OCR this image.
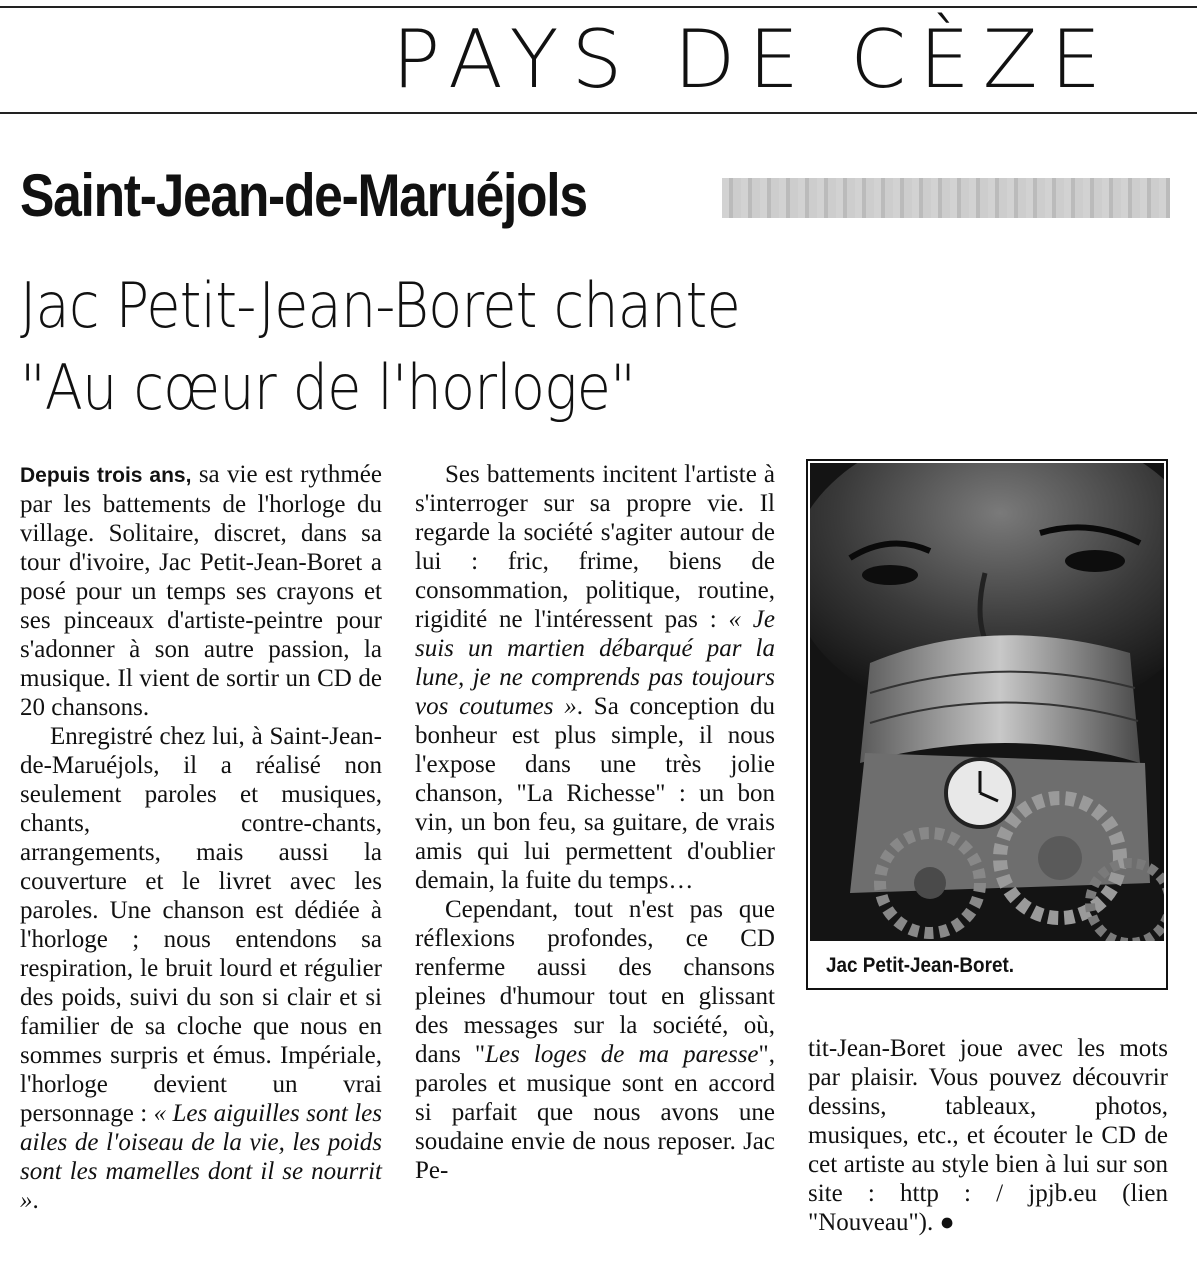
PAYS DE CÈZE
Saint-Jean-de-Maruéjols
Jac Petit-Jean-Boret chante
"Au cœur de l'horloge"

Depuis trois ans, sa vie est rythmée par les battements de l'horloge du village. Solitaire, discret, dans sa tour d'ivoire, Jac Petit-Jean-Boret a posé pour un temps ses crayons et ses pinceaux d'artiste-peintre pour s'adonner à son autre passion, la musique. Il vient de sortir un CD de 20 chansons.

Enregistré chez lui, à Saint-Jean-de-Maruéjols, il a réalisé non seulement paroles et musiques, chants, contre-chants, arrangements, mais aussi la couverture et le livret avec les paroles. Une chanson est dédiée à l'horloge ; nous entendons sa respiration, le bruit lourd et régulier des poids, suivi du son si clair et si familier de sa cloche que nous en sommes surpris et émus. Impériale, l'horloge devient un vrai personnage : « Les aiguilles sont les ailes de l'oiseau de la vie, les poids sont les mamelles dont il se nourrit ».

Ses battements incitent l'artiste à s'interroger sur sa propre vie. Il regarde la société s'agiter autour de lui : fric, frime, biens de consommation, politique, routine, rigidité ne l'intéressent pas : « Je suis un martien débarqué par la lune, je ne comprends pas toujours vos coutumes ». Sa conception du bonheur est plus simple, il nous l'expose dans une très jolie chanson, "La Richesse" : un bon vin, un bon feu, sa guitare, de vrais amis qui lui permettent d'oublier demain, la fuite du temps…

Cependant, tout n'est pas que réflexions profondes, ce CD renferme aussi des chansons pleines d'humour tout en glissant des messages sur la société, où, dans "Les loges de ma paresse", paroles et musique sont en accord si parfait que nous avons une soudaine envie de nous reposer. Jac Pe-

Jac Petit-Jean-Boret.

tit-Jean-Boret joue avec les mots par plaisir. Vous pouvez découvrir dessins, tableaux, photos, musiques, etc., et écouter le CD de cet artiste au style bien à lui sur son site : http : / jpjb.eu (lien "Nouveau"). ●
